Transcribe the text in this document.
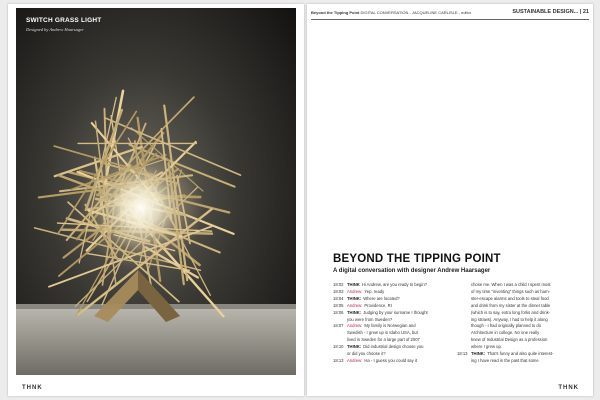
SWITCH GRASS LIGHT
Designed by Andrew Haarsager
THNK
Beyond the Tipping Point DIGITAL CONVERSATION - JACQUELINE CARLISLE - editor	SUSTAINABLE DESIGN... | 21
BEYOND THE TIPPING POINT
A digital conversation with designer Andrew Haarsager
18:02 THINK Hi Andrew, are you ready to begin?
18:03 Andrew: Yep, ready
18:04 THINK: Where are located?
18:05 Andrew: Providence, RI
18:06 THINK: Judging by your surname I thought
you were from Sweden?
18:07 Andrew: My family is Norwegian and
Swedish - I grew up in Idaho USA, but
lived in Sweden for a large part of 2007
18:10 THINK: Did industrial design choose you
or did you choose it?
18:13 Andrew: Ha - I guess you could say it
chose me. When I was a child I spent most
of my time "inventing" things such as harn-
ster-escape alarms and tools to steal food
and drink from my sister at the dinner table
(which is to say, extra long forks and drink-
ing straws). Anyway, I had to help it along
though - I had originally planned to do
Architecture in college. No one really
knew of Industrial Design as a profession
where I grew up.
18:13 THINK: That's funny and also quite interest-
ing I have read in the past that some
THNK
